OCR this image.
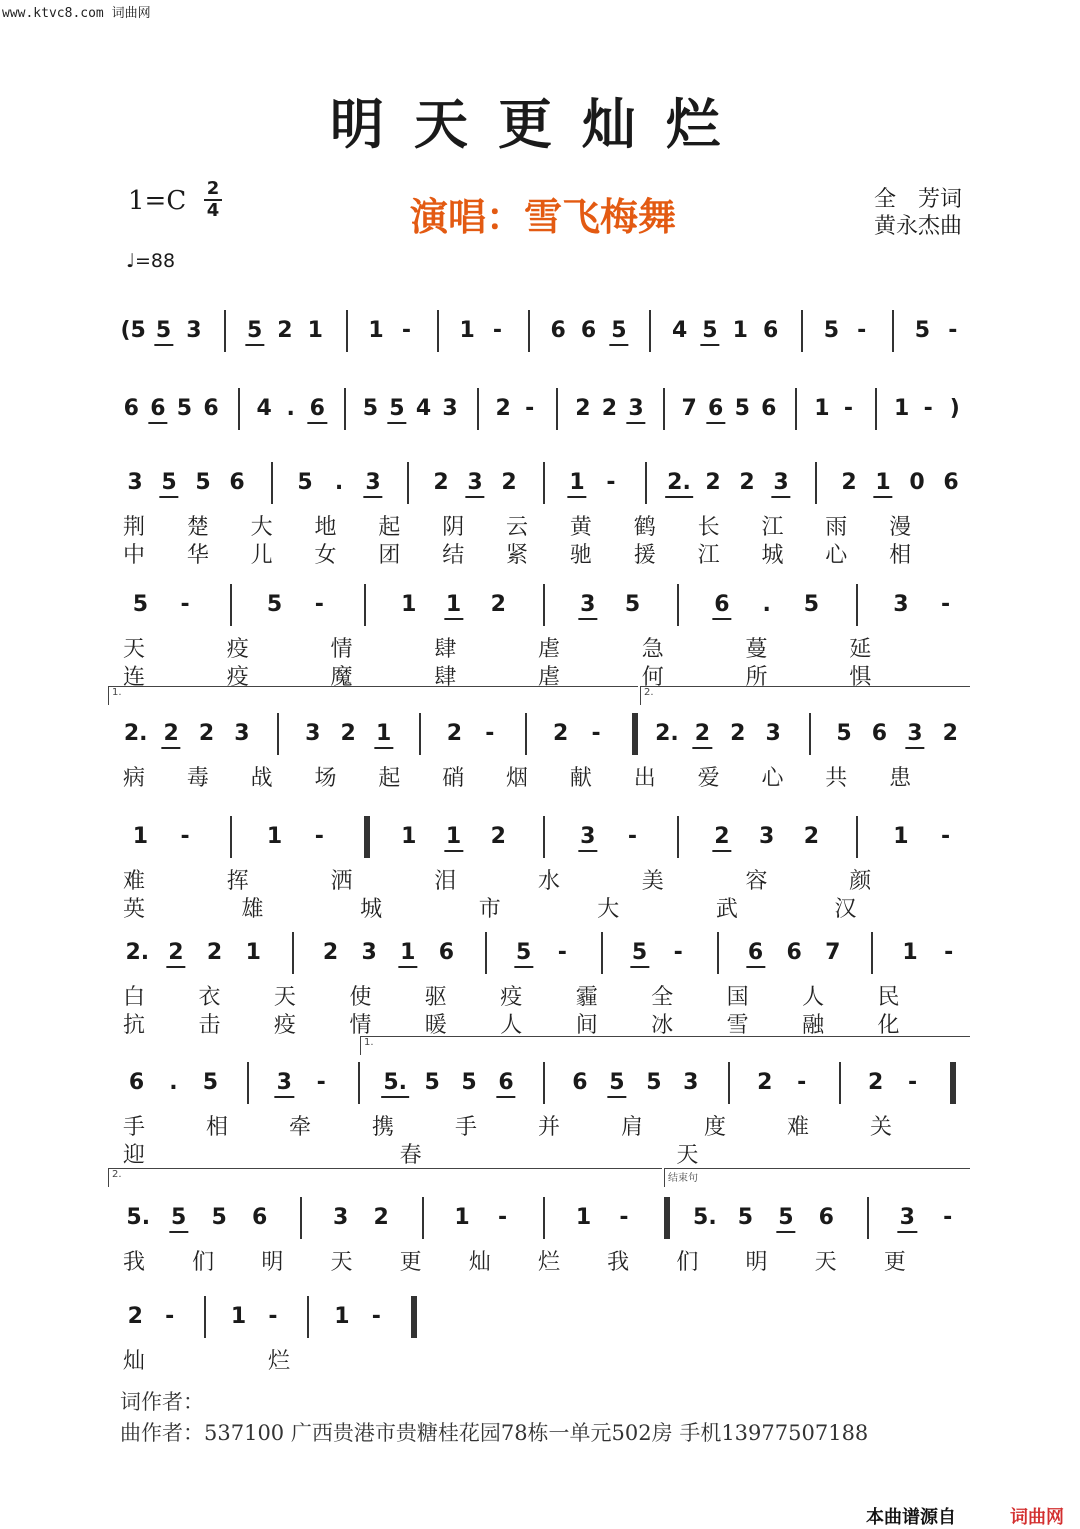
www.ktvc8.com 词曲网
明天更灿烂
1=C 2
4
♩=88
演唱：雪飞梅舞	全　芳词
黄永杰曲
(5 5 3 5 2 1 1 - 1 - 6 6 5 4 5 1 6 5 - 5 -
6 6 5 6 4 . 6 5 5 4 3 2 - 2 2 3 7 6 5 6 1 - 1 - )
3 5 5 6 5 . 3 2 3 2 1 - 2. 2 2 3 2 1 0 6
荆 楚 大 地 起 阴 云 黄 鹤 长 江 雨 漫
中 华 儿 女 团 结 紧 驰 援 江 城 心 相
5 -	5 -	1 1 2	3 5	6 . 5	3 -
天	疫	情	肆	虐	急	蔓	延
连	疫	魔	肆	虐	何	所	惧
2. 2 2 3	3 2 1	2 -	2 - 2. 2 2 3	5 6 3 2
病 毒 战 场 起 硝 烟 献 出 爱 心 共 患
1 -	1 -	1 1 2	3 -	2 3 2	1 -
难	挥	洒	泪	水	美	容	颜
英	雄	城	市	大	武	汉
2. 2 2 1	2 3 1 6	5 -	5 -	6 6 7	1 -
白 衣 天 使 驱 疫 霾 全 国 人 民
抗 击 疫 情 暖 人 间 冰 雪 融 化
6 . 5	3 -	5. 5 5 6	6 5 5 3	2 -	2 -
手	相	牵	携	手	并	肩	度	难	关
迎	春	天
5. 5 5 6	3 2	1 -	1 -	5. 5 5 6	3 -
我 们 明 天 更 灿 烂 我 们 明 天 更
2 -	1 -	1 -
灿	烂
1.	2.
1.
2.	结束句
词作者：
曲作者：537100 广西贵港市贵糖桂花园78栋一单元502房 手机13977507188
本曲谱源自	词曲网
